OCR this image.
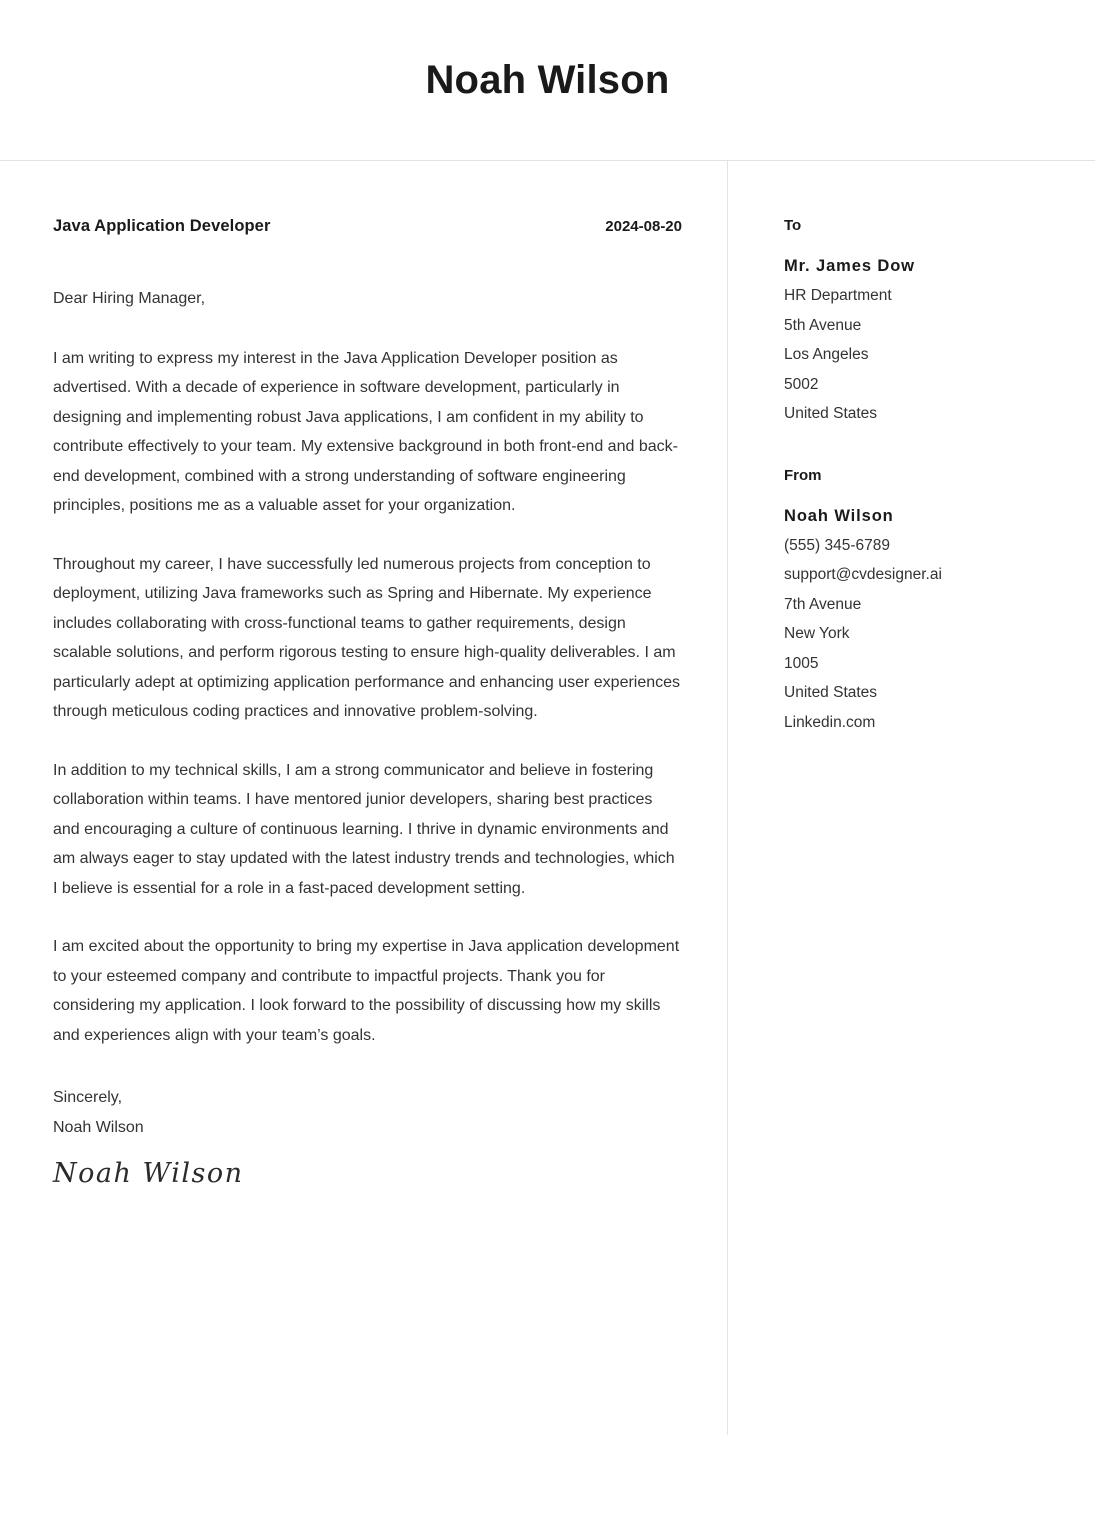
Noah Wilson
Java Application Developer	2024-08-20
Dear Hiring Manager,

I am writing to express my interest in the Java Application Developer position as advertised. With a decade of experience in software development, particularly in designing and implementing robust Java applications, I am confident in my ability to contribute effectively to your team. My extensive background in both front-end and back-end development, combined with a strong understanding of software engineering principles, positions me as a valuable asset for your organization.

Throughout my career, I have successfully led numerous projects from conception to deployment, utilizing Java frameworks such as Spring and Hibernate. My experience includes collaborating with cross-functional teams to gather requirements, design scalable solutions, and perform rigorous testing to ensure high-quality deliverables. I am particularly adept at optimizing application performance and enhancing user experiences through meticulous coding practices and innovative problem-solving.

In addition to my technical skills, I am a strong communicator and believe in fostering collaboration within teams. I have mentored junior developers, sharing best practices and encouraging a culture of continuous learning. I thrive in dynamic environments and am always eager to stay updated with the latest industry trends and technologies, which I believe is essential for a role in a fast-paced development setting.

I am excited about the opportunity to bring my expertise in Java application development to your esteemed company and contribute to impactful projects. Thank you for considering my application. I look forward to the possibility of discussing how my skills and experiences align with your team’s goals.

Sincerely,
Noah Wilson
Noah Wilson
To
Mr. James Dow
HR Department
5th Avenue
Los Angeles
5002
United States
From
Noah Wilson
(555) 345-6789
support@cvdesigner.ai
7th Avenue
New York
1005
United States
Linkedin.com
